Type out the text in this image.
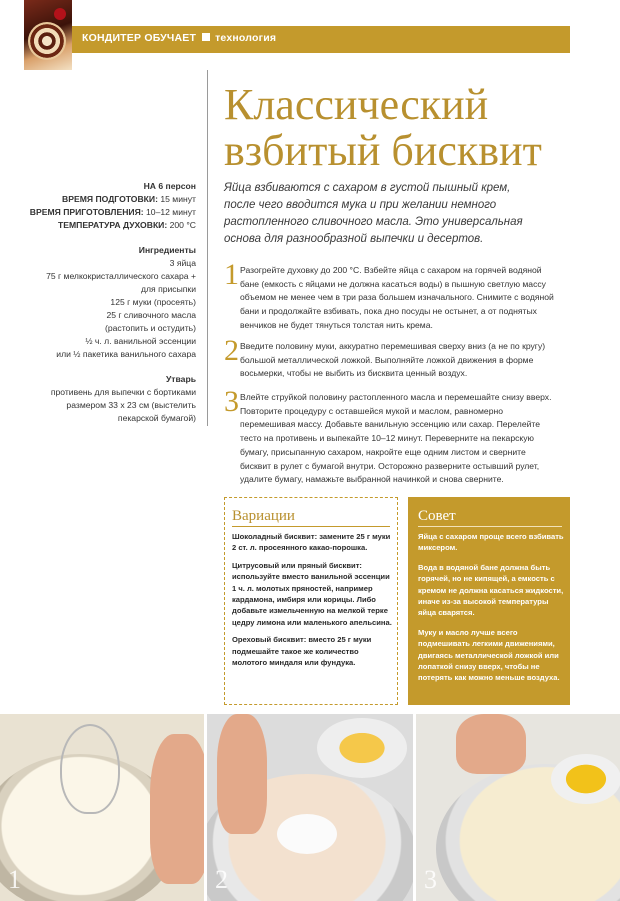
КОНДИТЕР ОБУЧАЕТ технология
Классический
взбитый бисквит
Яйца взбиваются с сахаром в густой пышный крем, после чего вводится мука и при желании немного растопленного сливочного масла. Это универсальная основа для разнообразной выпечки и десертов.
НА 6 персон
ВРЕМЯ ПОДГОТОВКИ: 15 минут
ВРЕМЯ ПРИГОТОВЛЕНИЯ: 10–12 минут
ТЕМПЕРАТУРА ДУХОВКИ: 200 °С
Ингредиенты
3 яйца
75 г мелкокристаллического сахара +
для присыпки
125 г муки (просеять)
25 г сливочного масла
(растопить и остудить)
½ ч. л. ванильной эссенции
или ½ пакетика ванильного сахара
Утварь
противень для выпечки с бортиками
размером 33 х 23 см (выстелить
пекарской бумагой)
1 Разогрейте духовку до 200 °С. Взбейте яйца с сахаром на горячей водяной бане (емкость с яйцами не должна касаться воды) в пышную светлую массу объемом не менее чем в три раза большем изначального. Снимите с водяной бани и продолжайте взбивать, пока дно посуды не остынет, а от поднятых венчиков не будет тянуться толстая нить крема.
2 Введите половину муки, аккуратно перемешивая сверху вниз (а не по кругу) большой металлической ложкой. Выполняйте ложкой движения в форме восьмерки, чтобы не выбить из бисквита ценный воздух.
3 Влейте струйкой половину растопленного масла и перемешайте снизу вверх. Повторите процедуру с оставшейся мукой и маслом, равномерно перемешивая массу. Добавьте ванильную эссенцию или сахар. Перелейте тесто на противень и выпекайте 10–12 минут. Переверните на пекарскую бумагу, присыпанную сахаром, накройте еще одним листом и сверните бисквит в рулет с бумагой внутри. Осторожно разверните остывший рулет, удалите бумагу, намажьте выбранной начинкой и снова сверните.
Вариации

Шоколадный бисквит: замените 25 г муки 2 ст. л. просеянного какао-порошка.

Цитрусовый или пряный бисквит: используйте вместо ванильной эссенции 1 ч. л. молотых пряностей, например кардамона, имбиря или корицы. Либо добавьте измельченную на мелкой терке цедру лимона или маленького апельсина.

Ореховый бисквит: вместо 25 г муки подмешайте такое же количество молотого миндаля или фундука.

Совет

Яйца с сахаром проще всего взбивать миксером.

Вода в водяной бане должна быть горячей, но не кипящей, а емкость с кремом не должна касаться жидкости, иначе из-за высокой температуры яйца сварятся.

Муку и масло лучше всего подмешивать легкими движениями, двигаясь металлической ложкой или лопаткой снизу вверх, чтобы не потерять как можно меньше воздуха.

1	2	3
